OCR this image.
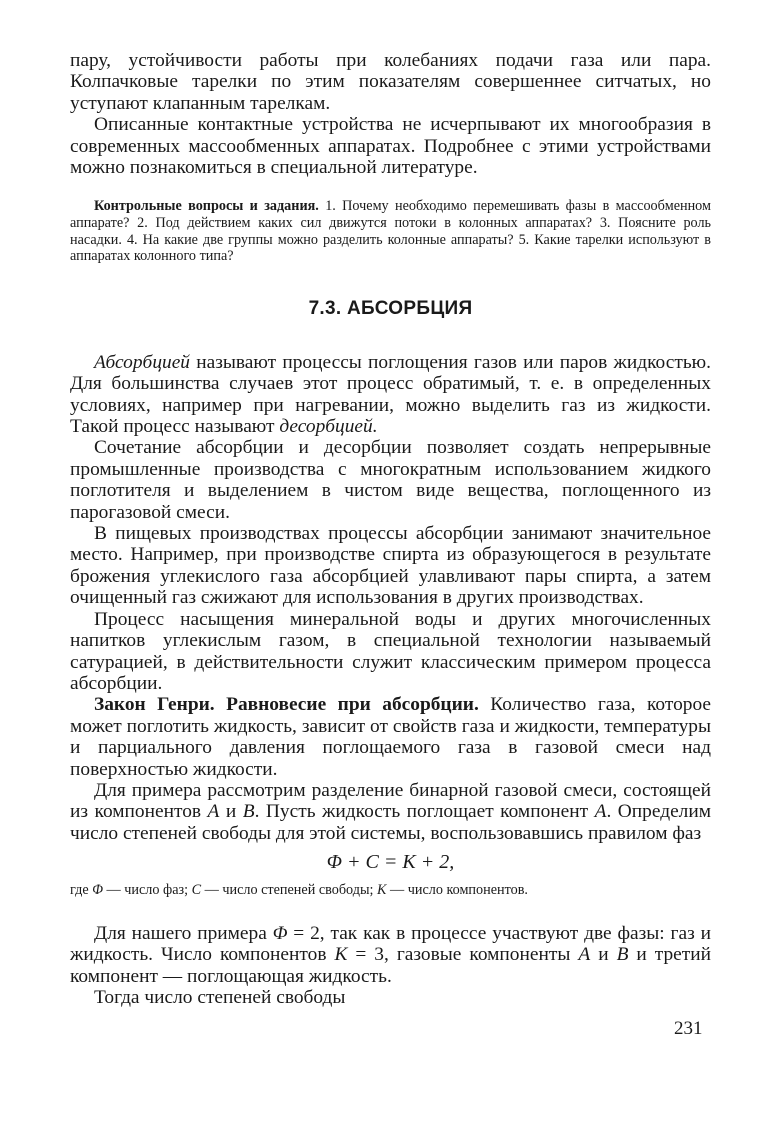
пару, устойчивости работы при колебаниях подачи газа или пара. Колпачковые тарелки по этим показателям совершеннее ситчатых, но уступают клапанным тарелкам.

Описанные контактные устройства не исчерпывают их многообразия в современных массообменных аппаратах. Подробнее с этими устройствами можно познакомиться в специальной литературе.

Контрольные вопросы и задания. 1. Почему необходимо перемешивать фазы в массообменном аппарате? 2. Под действием каких сил движутся потоки в колонных аппаратах? 3. Поясните роль насадки. 4. На какие две группы можно разделить колонные аппараты? 5. Какие тарелки используют в аппаратах колонного типа?

7.3. АБСОРБЦИЯ

Абсорбцией называют процессы поглощения газов или паров жидкостью. Для большинства случаев этот процесс обратимый, т. е. в определенных условиях, например при нагревании, можно выделить газ из жидкости. Такой процесс называют десорбцией.

Сочетание абсорбции и десорбции позволяет создать непрерывные промышленные производства с многократным использованием жидкого поглотителя и выделением в чистом виде вещества, поглощенного из парогазовой смеси.

В пищевых производствах процессы абсорбции занимают значительное место. Например, при производстве спирта из образующегося в результате брожения углекислого газа абсорбцией улавливают пары спирта, а затем очищенный газ сжижают для использования в других производствах.

Процесс насыщения минеральной воды и других многочисленных напитков углекислым газом, в специальной технологии называемый сатурацией, в действительности служит классическим примером процесса абсорбции.

Закон Генри. Равновесие при абсорбции. Количество газа, которое может поглотить жидкость, зависит от свойств газа и жидкости, температуры и парциального давления поглощаемого газа в газовой смеси над поверхностью жидкости.

Для примера рассмотрим разделение бинарной газовой смеси, состоящей из компонентов А и В. Пусть жидкость поглощает компонент А. Определим число степеней свободы для этой системы, воспользовавшись правилом фаз

Φ + C = K + 2,

где Φ — число фаз; C — число степеней свободы; K — число компонентов.

Для нашего примера Φ = 2, так как в процессе участвуют две фазы: газ и жидкость. Число компонентов K = 3, газовые компоненты А и В и третий компонент — поглощающая жидкость.

Тогда число степеней свободы

231
